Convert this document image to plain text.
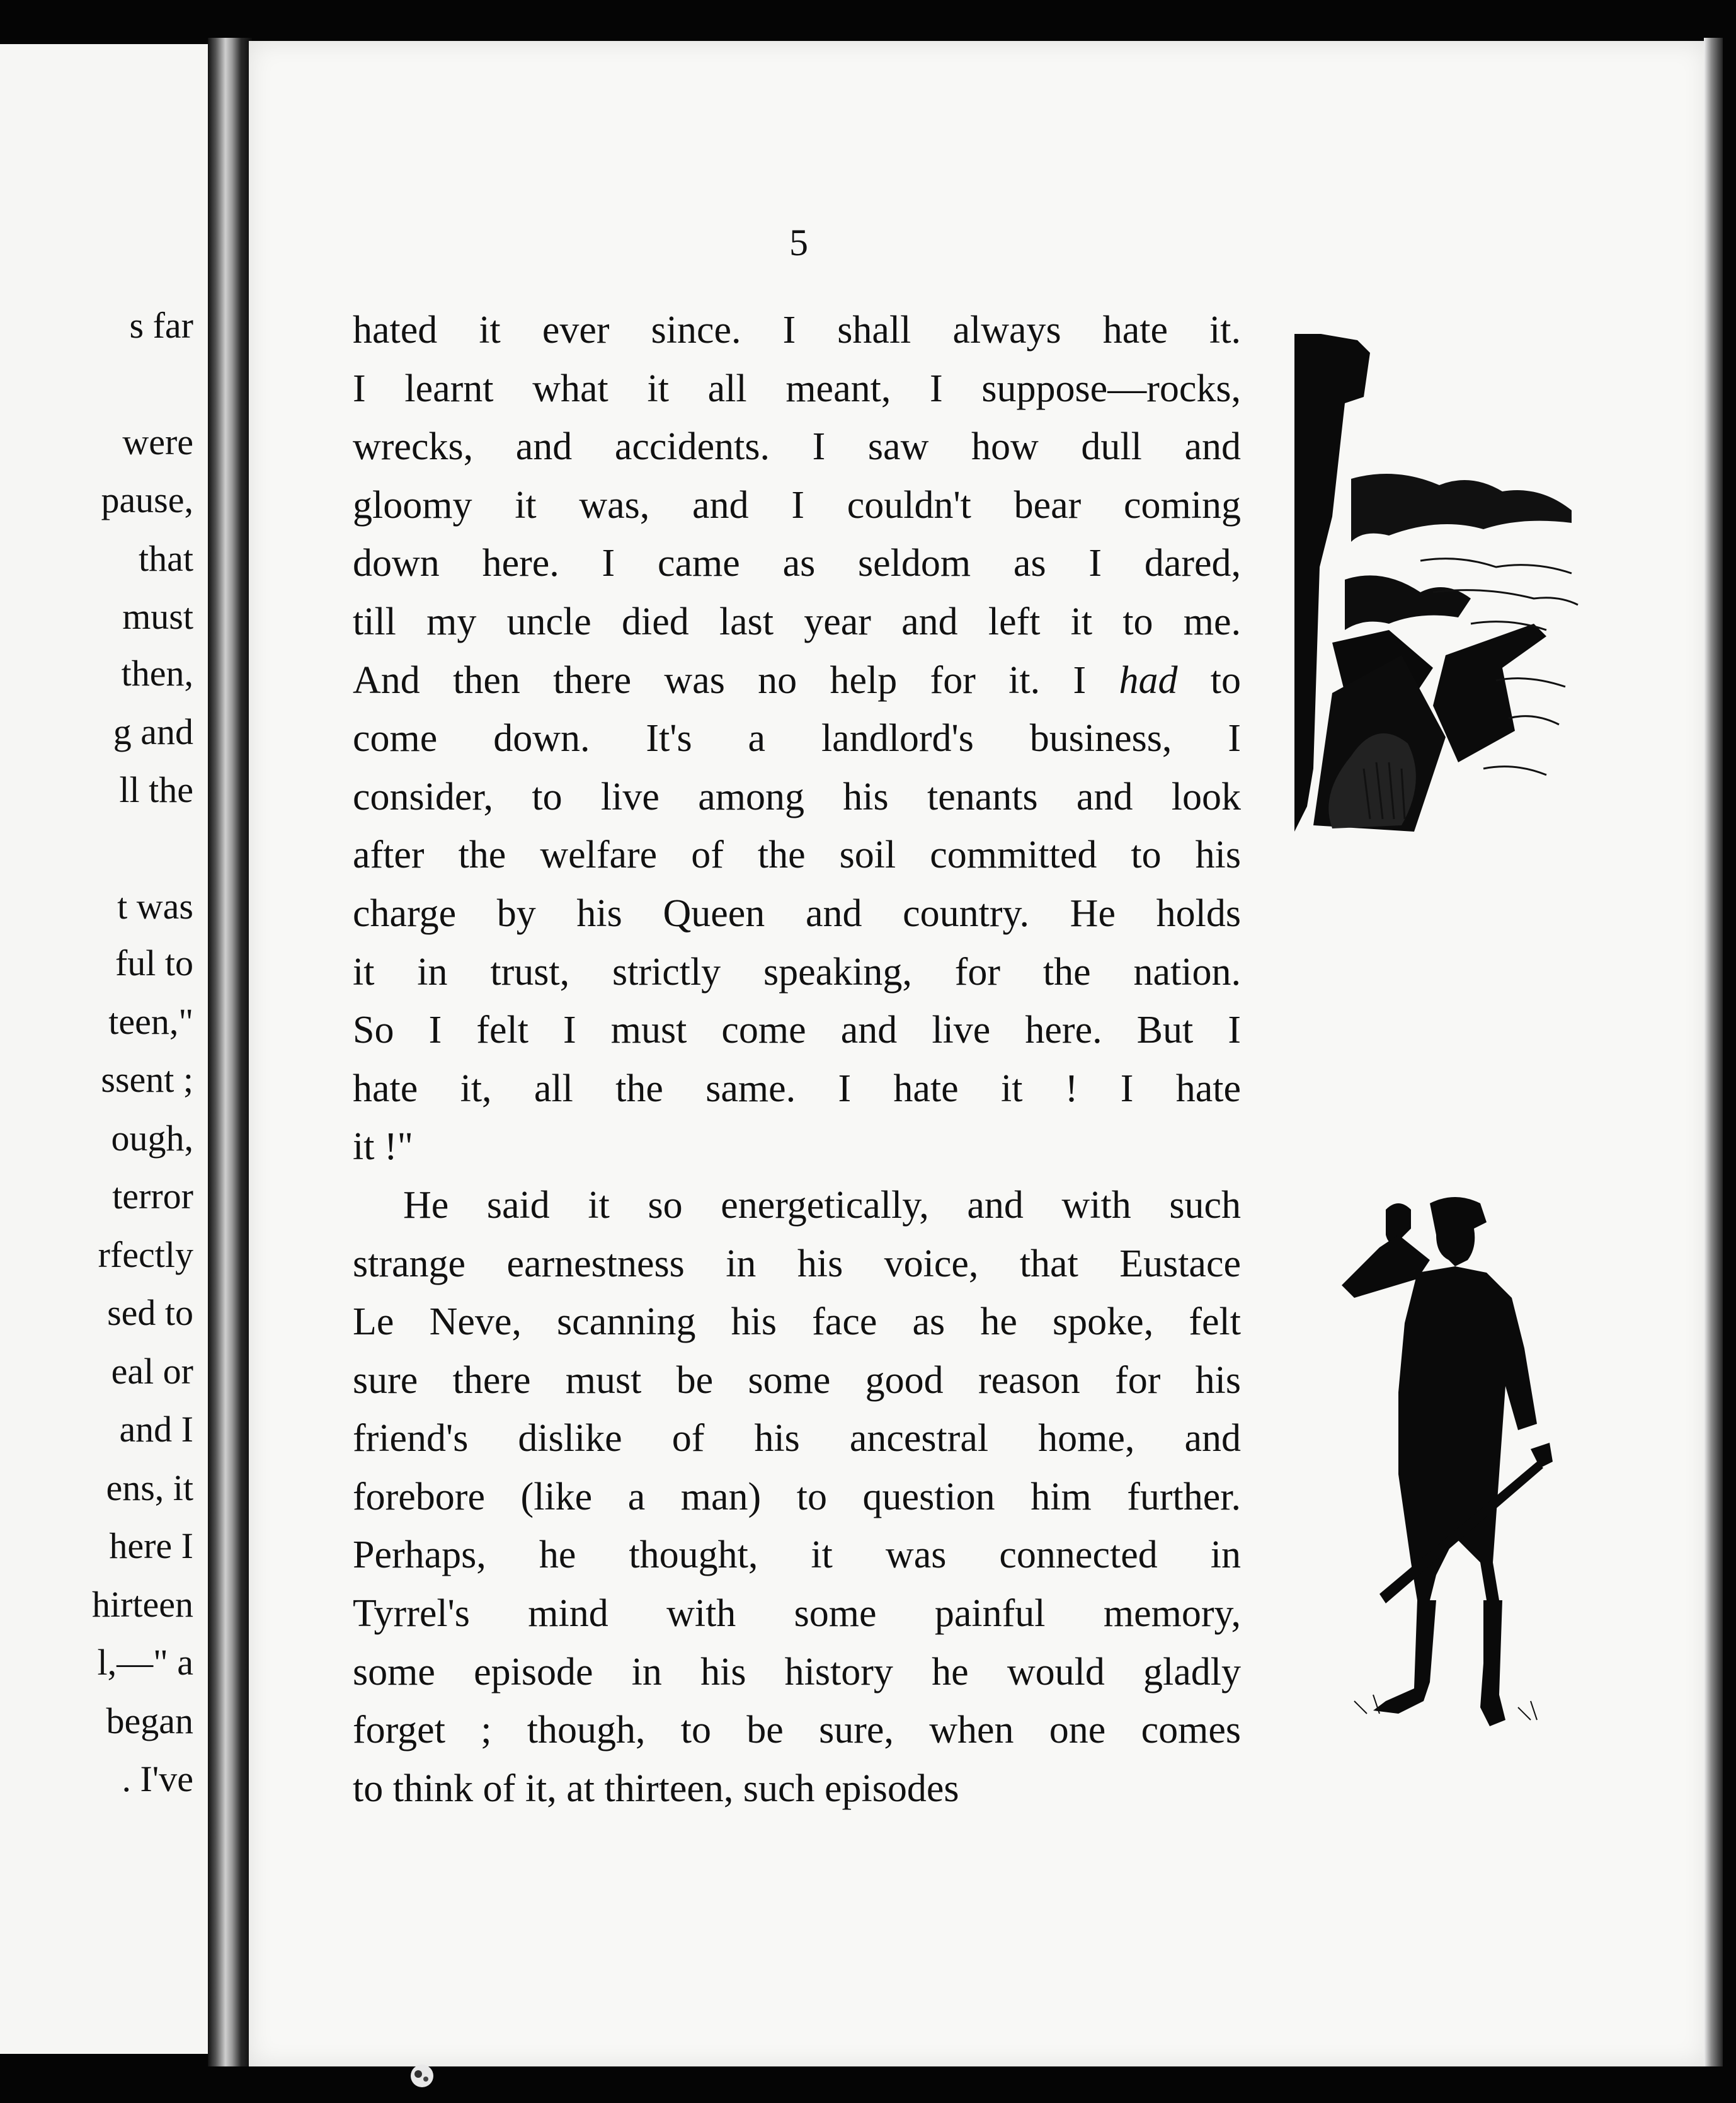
s far
were
pause,
that
must
then,
g and
ll the
t was
ful to
teen,"
ssent ;
ough,
terror
rfectly
sed to
eal or
and I
ens, it
here I
hirteen
l,—" a
began
. I've
5
hated it ever since. I shall always hate it.
I learnt what it all meant, I suppose—rocks,
wrecks, and accidents. I saw how dull and
gloomy it was, and I couldn't bear coming
down here. I came as seldom as I dared,
till my uncle died last year and left it to me.
And then there was no help for it. I had to
come down. It's a landlord's business, I
consider, to live among his tenants and look
after the welfare of the soil committed to his
charge by his Queen and country. He holds
it in trust, strictly speaking, for the nation.
So I felt I must come and live here. But I
hate it, all the same. I hate it ! I hate
it !"
He said it so energetically, and with such
strange earnestness in his voice, that Eustace
Le Neve, scanning his face as he spoke, felt
sure there must be some good reason for his
friend's dislike of his ancestral home, and
forebore (like a man) to question him further.
Perhaps, he thought, it was connected in
Tyrrel's mind with some painful memory,
some episode in his history he would gladly
forget ; though, to be sure, when one comes
to think of it, at thirteen, such episodes
